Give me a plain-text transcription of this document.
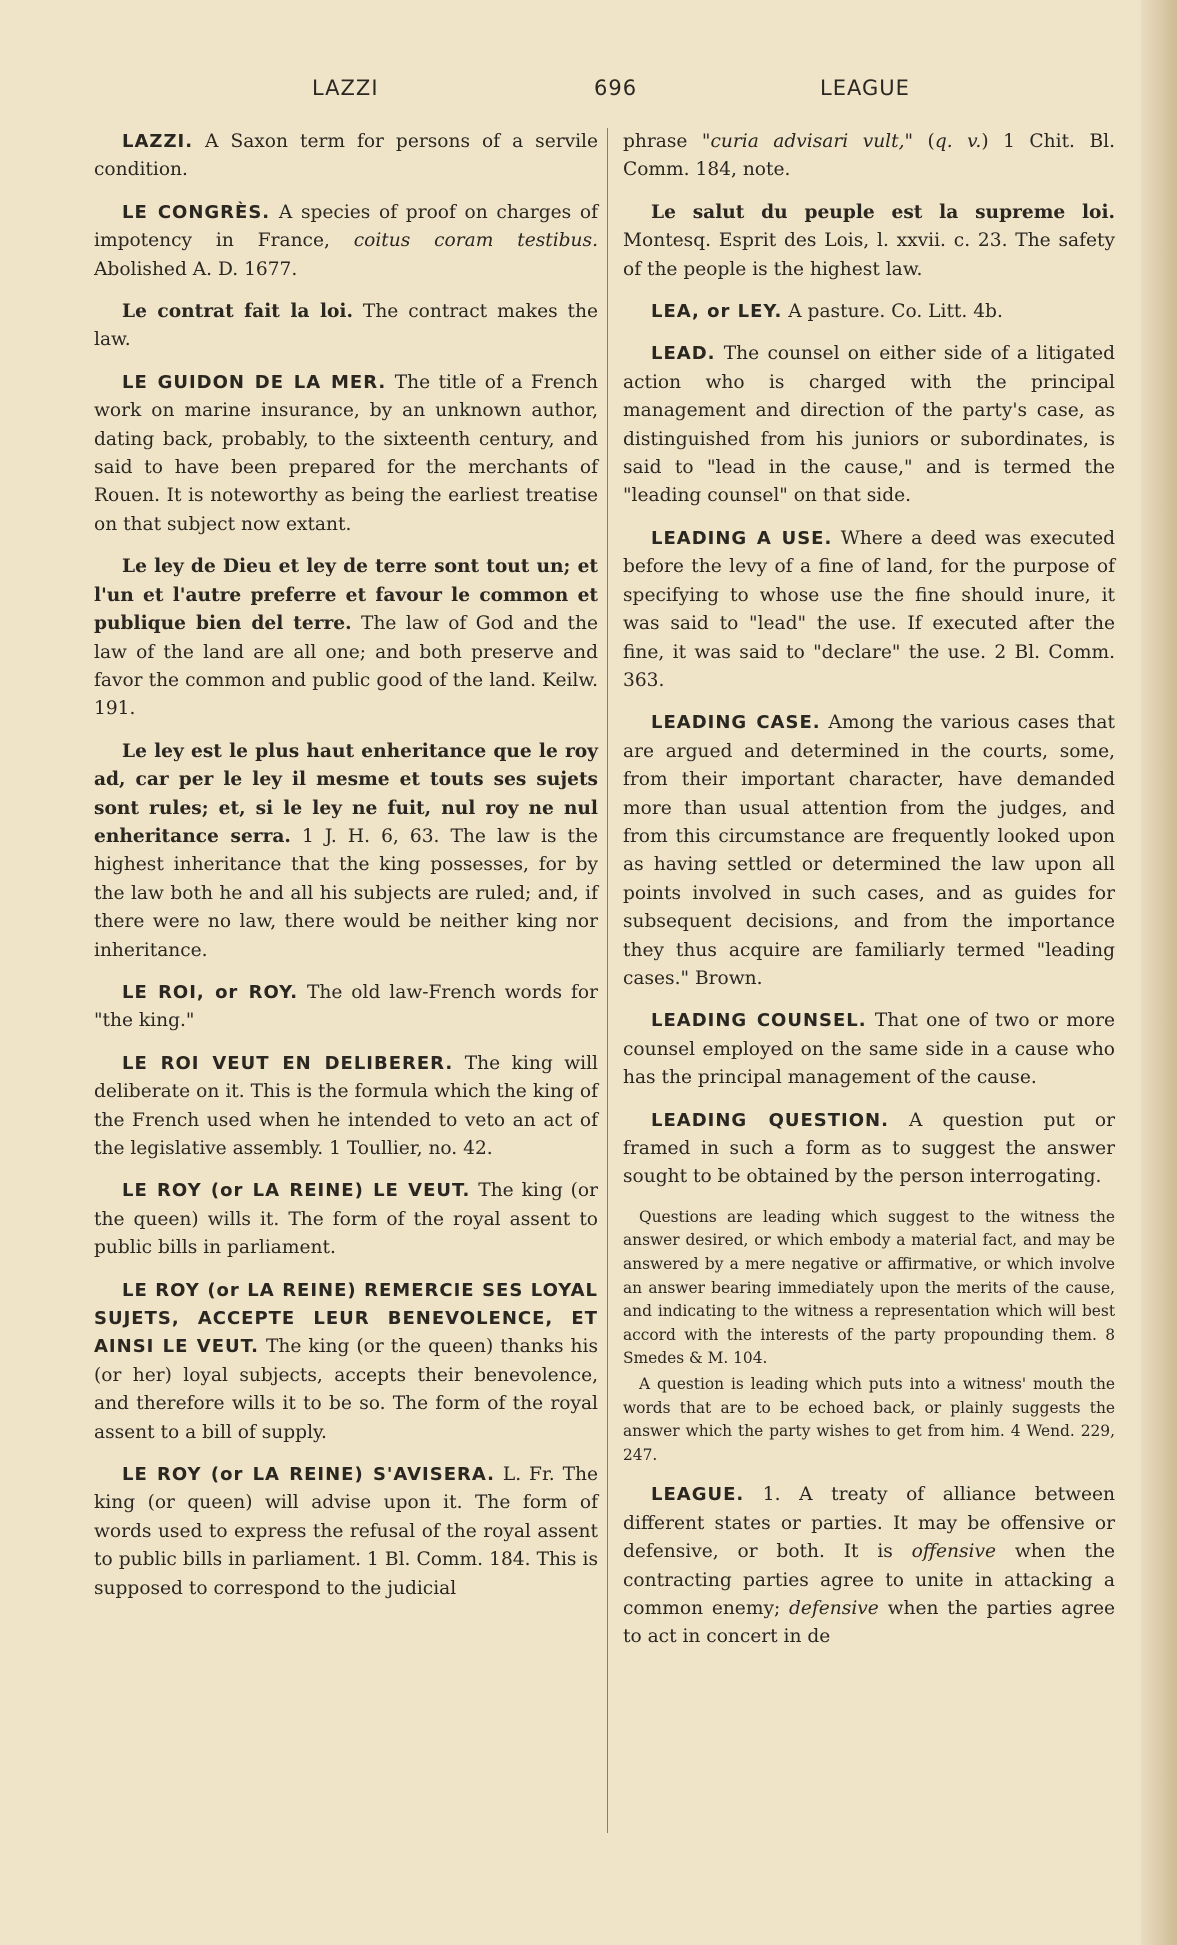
LAZZI	696	LEAGUE

LAZZI. A Saxon term for persons of a servile condition.

LE CONGRÈS. A species of proof on charges of impotency in France, coitus coram testibus. Abolished A. D. 1677.

Le contrat fait la loi. The contract makes the law.

LE GUIDON DE LA MER. The title of a French work on marine insurance, by an unknown author, dating back, probably, to the sixteenth century, and said to have been prepared for the merchants of Rouen. It is noteworthy as being the earliest treatise on that subject now extant.

Le ley de Dieu et ley de terre sont tout un; et l'un et l'autre preferre et favour le common et publique bien del terre. The law of God and the law of the land are all one; and both preserve and favor the common and public good of the land. Keilw. 191.

Le ley est le plus haut enheritance que le roy ad, car per le ley il mesme et touts ses sujets sont rules; et, si le ley ne fuit, nul roy ne nul enheritance serra. 1 J. H. 6, 63. The law is the highest inheritance that the king possesses, for by the law both he and all his subjects are ruled; and, if there were no law, there would be neither king nor inheritance.

LE ROI, or ROY. The old law-French words for "the king."

LE ROI VEUT EN DELIBERER. The king will deliberate on it. This is the formula which the king of the French used when he intended to veto an act of the legislative assembly. 1 Toullier, no. 42.

LE ROY (or LA REINE) LE VEUT. The king (or the queen) wills it. The form of the royal assent to public bills in parliament.

LE ROY (or LA REINE) REMERCIE SES LOYAL SUJETS, ACCEPTE LEUR BENEVOLENCE, ET AINSI LE VEUT. The king (or the queen) thanks his (or her) loyal subjects, accepts their benevolence, and therefore wills it to be so. The form of the royal assent to a bill of supply.

LE ROY (or LA REINE) S'AVISERA. L. Fr. The king (or queen) will advise upon it. The form of words used to express the refusal of the royal assent to public bills in parliament. 1 Bl. Comm. 184. This is supposed to correspond to the judicial

phrase "curia advisari vult," (q. v.) 1 Chit. Bl. Comm. 184, note.

Le salut du peuple est la supreme loi. Montesq. Esprit des Lois, l. xxvii. c. 23. The safety of the people is the highest law.

LEA, or LEY. A pasture. Co. Litt. 4b.

LEAD. The counsel on either side of a litigated action who is charged with the principal management and direction of the party's case, as distinguished from his juniors or subordinates, is said to "lead in the cause," and is termed the "leading counsel" on that side.

LEADING A USE. Where a deed was executed before the levy of a fine of land, for the purpose of specifying to whose use the fine should inure, it was said to "lead" the use. If executed after the fine, it was said to "declare" the use. 2 Bl. Comm. 363.

LEADING CASE. Among the various cases that are argued and determined in the courts, some, from their important character, have demanded more than usual attention from the judges, and from this circumstance are frequently looked upon as having settled or determined the law upon all points involved in such cases, and as guides for subsequent decisions, and from the importance they thus acquire are familiarly termed "leading cases." Brown.

LEADING COUNSEL. That one of two or more counsel employed on the same side in a cause who has the principal management of the cause.

LEADING QUESTION. A question put or framed in such a form as to suggest the answer sought to be obtained by the person interrogating.

Questions are leading which suggest to the witness the answer desired, or which embody a material fact, and may be answered by a mere negative or affirmative, or which involve an answer bearing immediately upon the merits of the cause, and indicating to the witness a representation which will best accord with the interests of the party propounding them. 8 Smedes & M. 104.

A question is leading which puts into a witness' mouth the words that are to be echoed back, or plainly suggests the answer which the party wishes to get from him. 4 Wend. 229, 247.

LEAGUE. 1. A treaty of alliance between different states or parties. It may be offensive or defensive, or both. It is offensive when the contracting parties agree to unite in attacking a common enemy; defensive when the parties agree to act in concert in de
